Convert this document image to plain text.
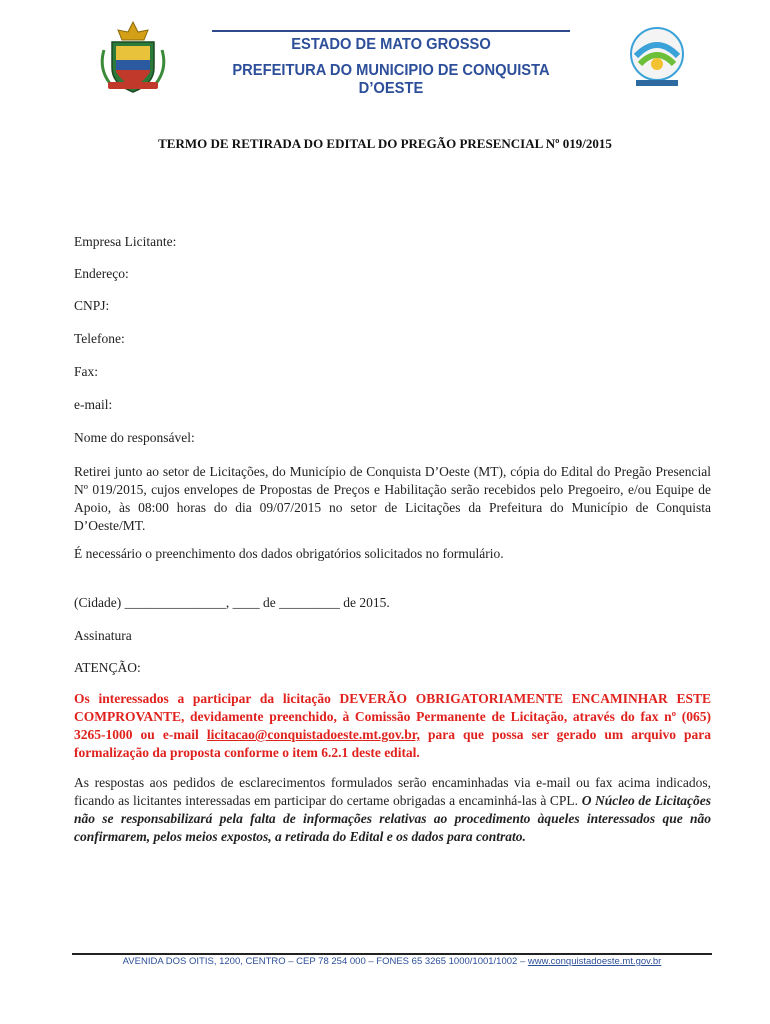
ESTADO DE MATO GROSSO
PREFEITURA DO MUNICIPIO DE CONQUISTA D’OESTE
TERMO DE RETIRADA DO EDITAL DO PREGÃO PRESENCIAL Nº 019/2015
Empresa Licitante:
Endereço:
CNPJ:
Telefone:
Fax:
e-mail:
Nome do responsável:
Retirei junto ao setor de Licitações, do Município de Conquista D’Oeste (MT), cópia do Edital do Pregão Presencial Nº 019/2015, cujos envelopes de Propostas de Preços e Habilitação serão recebidos pelo Pregoeiro, e/ou Equipe de Apoio, às 08:00 horas do dia 09/07/2015 no setor de Licitações da Prefeitura do Município de Conquista D’Oeste/MT.
É necessário o preenchimento dos dados obrigatórios solicitados no formulário.
(Cidade) _______________, ____ de _________ de 2015.
Assinatura
ATENÇÃO:
Os interessados a participar da licitação DEVERÃO OBRIGATORIAMENTE ENCAMINHAR ESTE COMPROVANTE, devidamente preenchido, à Comissão Permanente de Licitação, através do fax nº (065) 3265-1000 ou e-mail licitacao@conquistadoeste.mt.gov.br, para que possa ser gerado um arquivo para formalização da proposta conforme o item 6.2.1 deste edital.
As respostas aos pedidos de esclarecimentos formulados serão encaminhadas via e-mail ou fax acima indicados, ficando as licitantes interessadas em participar do certame obrigadas a encaminhá-las à CPL. O Núcleo de Licitações não se responsabilizará pela falta de informações relativas ao procedimento àqueles interessados que não confirmarem, pelos meios expostos, a retirada do Edital e os dados para contrato.
AVENIDA DOS OITIS, 1200, CENTRO – CEP 78 254 000 – FONES 65 3265 1000/1001/1002 – www.conquistadoeste.mt.gov.br
